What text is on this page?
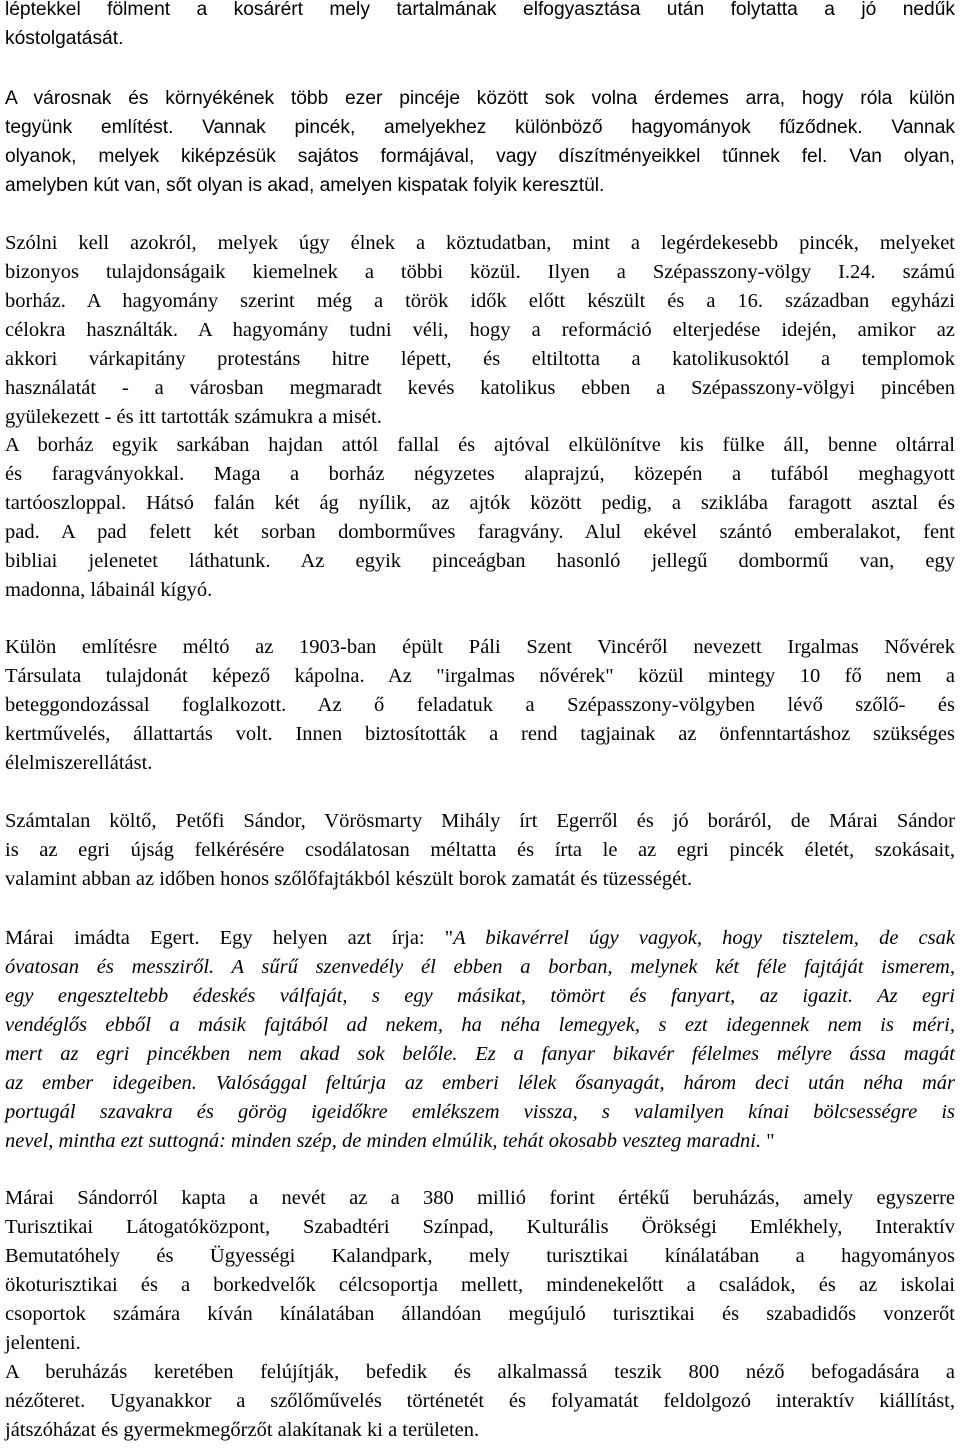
léptekkel fölment a kosárért mely tartalmának elfogyasztása után folytatta a jó nedűk
kóstolgatását.

A városnak és környékének több ezer pincéje között sok volna érdemes arra, hogy róla külön
tegyünk említést. Vannak pincék, amelyekhez különböző hagyományok fűződnek. Vannak
olyanok, melyek kiképzésük sajátos formájával, vagy díszítményeikkel tűnnek fel. Van olyan,
amelyben kút van, sőt olyan is akad, amelyen kispatak folyik keresztül.

Szólni kell azokról, melyek úgy élnek a köztudatban, mint a legérdekesebb pincék, melyeket
bizonyos tulajdonságaik kiemelnek a többi közül. Ilyen a Szépasszony-völgy I.24. számú
borház. A hagyomány szerint még a török idők előtt készült és a 16. században egyházi
célokra használták. A hagyomány tudni véli, hogy a reformáció elterjedése idején, amikor az
akkori várkapitány protestáns hitre lépett, és eltiltotta a katolikusoktól a templomok
használatát - a városban megmaradt kevés katolikus ebben a Szépasszony-völgyi pincében
gyülekezett - és itt tartották számukra a misét.

A borház egyik sarkában hajdan attól fallal és ajtóval elkülönítve kis fülke áll, benne oltárral
és faragványokkal. Maga a borház négyzetes alaprajzú, közepén a tufából meghagyott
tartóoszloppal. Hátsó falán két ág nyílik, az ajtók között pedig, a sziklába faragott asztal és
pad. A pad felett két sorban domborműves faragvány. Alul ekével szántó emberalakot, fent
bibliai jelenetet láthatunk. Az egyik pinceágban hasonló jellegű dombormű van, egy
madonna, lábainál kígyó.

Külön említésre méltó az 1903-ban épült Páli Szent Vincéről nevezett Irgalmas Nővérek
Társulata tulajdonát képező kápolna. Az "irgalmas nővérek" közül mintegy 10 fő nem a
beteggondozással foglalkozott. Az ő feladatuk a Szépasszony-völgyben lévő szőlő- és
kertművelés, állattartás volt. Innen biztosították a rend tagjainak az önfenntartáshoz szükséges
élelmiszerellátást.

Számtalan költő, Petőfi Sándor, Vörösmarty Mihály írt Egerről és jó boráról, de Márai Sándor
is az egri újság felkérésére csodálatosan méltatta és írta le az egri pincék életét, szokásait,
valamint abban az időben honos szőlőfajtákból készült borok zamatát és tüzességét.

Márai imádta Egert. Egy helyen azt írja: "A bikavérrel úgy vagyok, hogy tisztelem, de csak
óvatosan és messziről. A sűrű szenvedély él ebben a borban, melynek két féle fajtáját ismerem,
egy engeszteltebb édeskés válfaját, s egy másikat, tömört és fanyart, az igazit. Az egri
vendéglős ebből a másik fajtából ad nekem, ha néha lemegyek, s ezt idegennek nem is méri,
mert az egri pincékben nem akad sok belőle. Ez a fanyar bikavér félelmes mélyre ássa magát
az ember idegeiben. Valósággal feltúrja az emberi lélek ősanyagát, három deci után néha már
portugál szavakra és görög igeidőkre emlékszem vissza, s valamilyen kínai bölcsességre is
nevel, mintha ezt suttogná: minden szép, de minden elmúlik, tehát okosabb veszteg maradni. "

Márai Sándorról kapta a nevét az a 380 millió forint értékű beruházás, amely egyszerre
Turisztikai Látogatóközpont, Szabadtéri Színpad, Kulturális Örökségi Emlékhely, Interaktív
Bemutatóhely és Ügyességi Kalandpark, mely turisztikai kínálatában a hagyományos
ökoturisztikai és a borkedvelők célcsoportja mellett, mindenekelőtt a családok, és az iskolai
csoportok számára kíván kínálatában állandóan megújuló turisztikai és szabadidős vonzerőt
jelenteni.

A beruházás keretében felújítják, befedik és alkalmassá teszik 800 néző befogadására a
nézőteret. Ugyanakkor a szőlőművelés történetét és folyamatát feldolgozó interaktív kiállítást,
játszóházat és gyermekmegőrzőt alakítanak ki a területen.
